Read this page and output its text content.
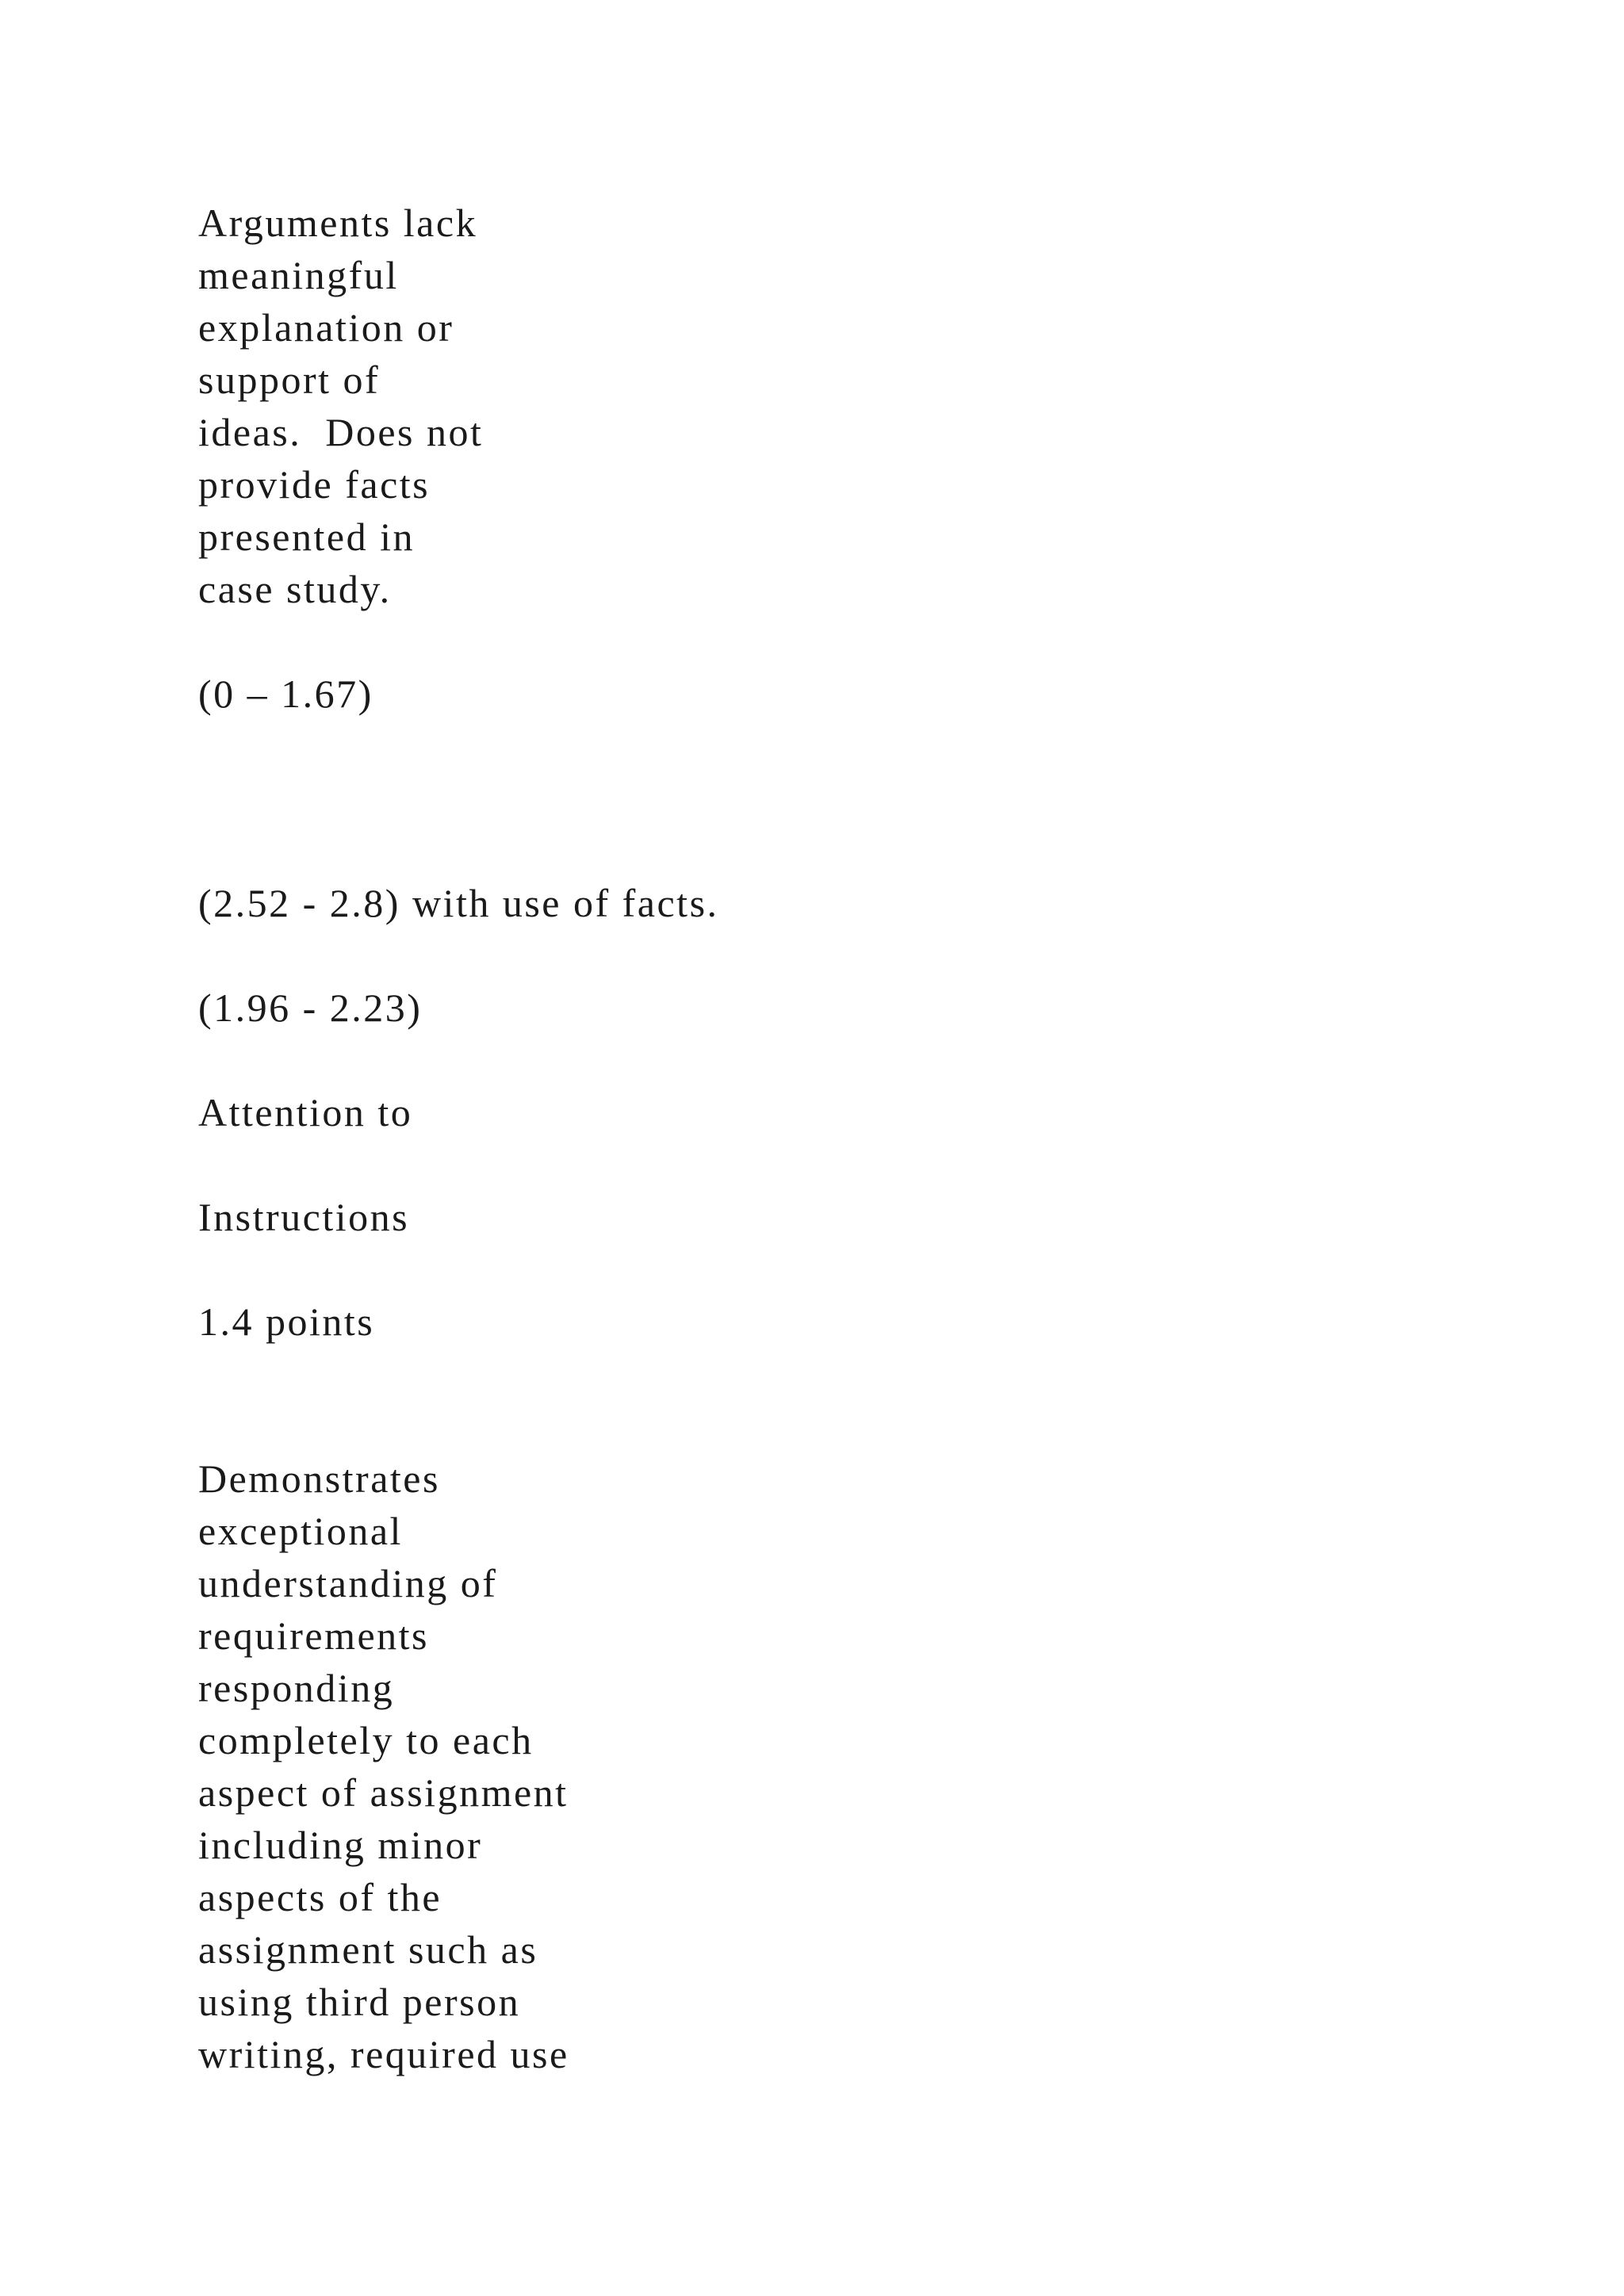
Arguments lack

meaningful

explanation or

support of

ideas.  Does not

provide facts

presented in

case study.

(0 – 1.67)

(2.52 - 2.8) with use of facts.

(1.96 - 2.23)

Attention to

Instructions

1.4 points

Demonstrates

exceptional

understanding of

requirements

responding

completely to each

aspect of assignment

including minor

aspects of the

assignment such as

using third person

writing, required use
